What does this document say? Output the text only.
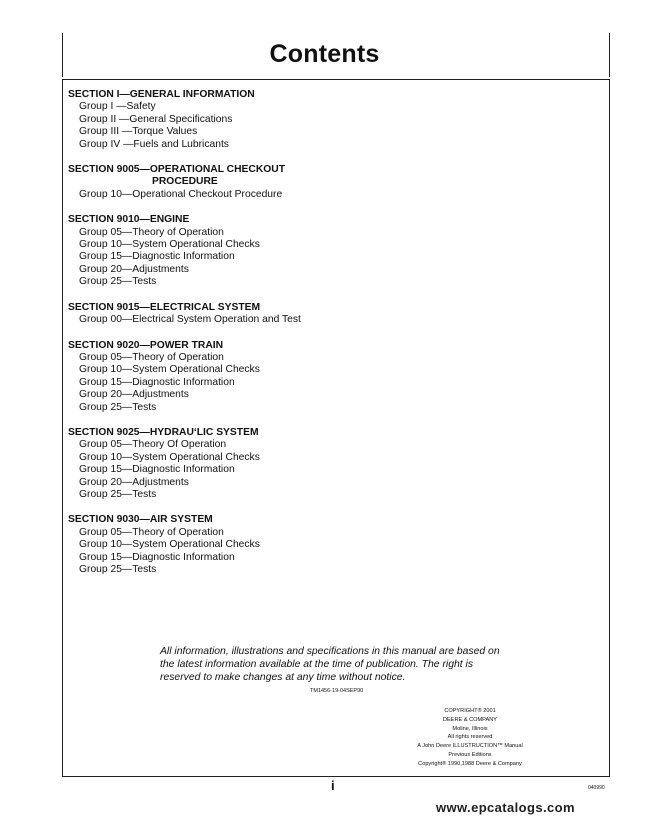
Contents
SECTION I—GENERAL INFORMATION
Group I —Safety
Group II —General Specifications
Group III —Torque Values
Group IV —Fuels and Lubricants
SECTION 9005—OPERATIONAL CHECKOUT
PROCEDURE
Group 10—Operational Checkout Procedure
SECTION 9010—ENGINE
Group 05—Theory of Operation
Group 10—System Operational Checks
Group 15—Diagnostic Information
Group 20—Adjustments
Group 25—Tests
SECTION 9015—ELECTRICAL SYSTEM
Group 00—Electrical System Operation and Test
SECTION 9020—POWER TRAIN
Group 05—Theory of Operation
Group 10—System Operational Checks
Group 15—Diagnostic Information
Group 20—Adjustments
Group 25—Tests
SECTION 9025—HYDRAUʻLIC SYSTEM
Group 05—Theory Of Operation
Group 10—System Operational Checks
Group 15—Diagnostic Information
Group 20—Adjustments
Group 25—Tests
SECTION 9030—AIR SYSTEM
Group 05—Theory of Operation
Group 10—System Operational Checks
Group 15—Diagnostic Information
Group 25—Tests
All information, illustrations and specifications in this manual are based on
the latest information available at the time of publication. The right is
reserved to make changes at any time without notice.
TM1456-19-04SEP90
COPYRIGHT® 2001
DEERE & COMPANY
Moline, Illinois
All rights reserved
A John Deere ILLUSTRUCTION™ Manual
Previous Editions
Copyright® 1990,1988 Deere & Company
i	040990
www.epcatalogs.com
